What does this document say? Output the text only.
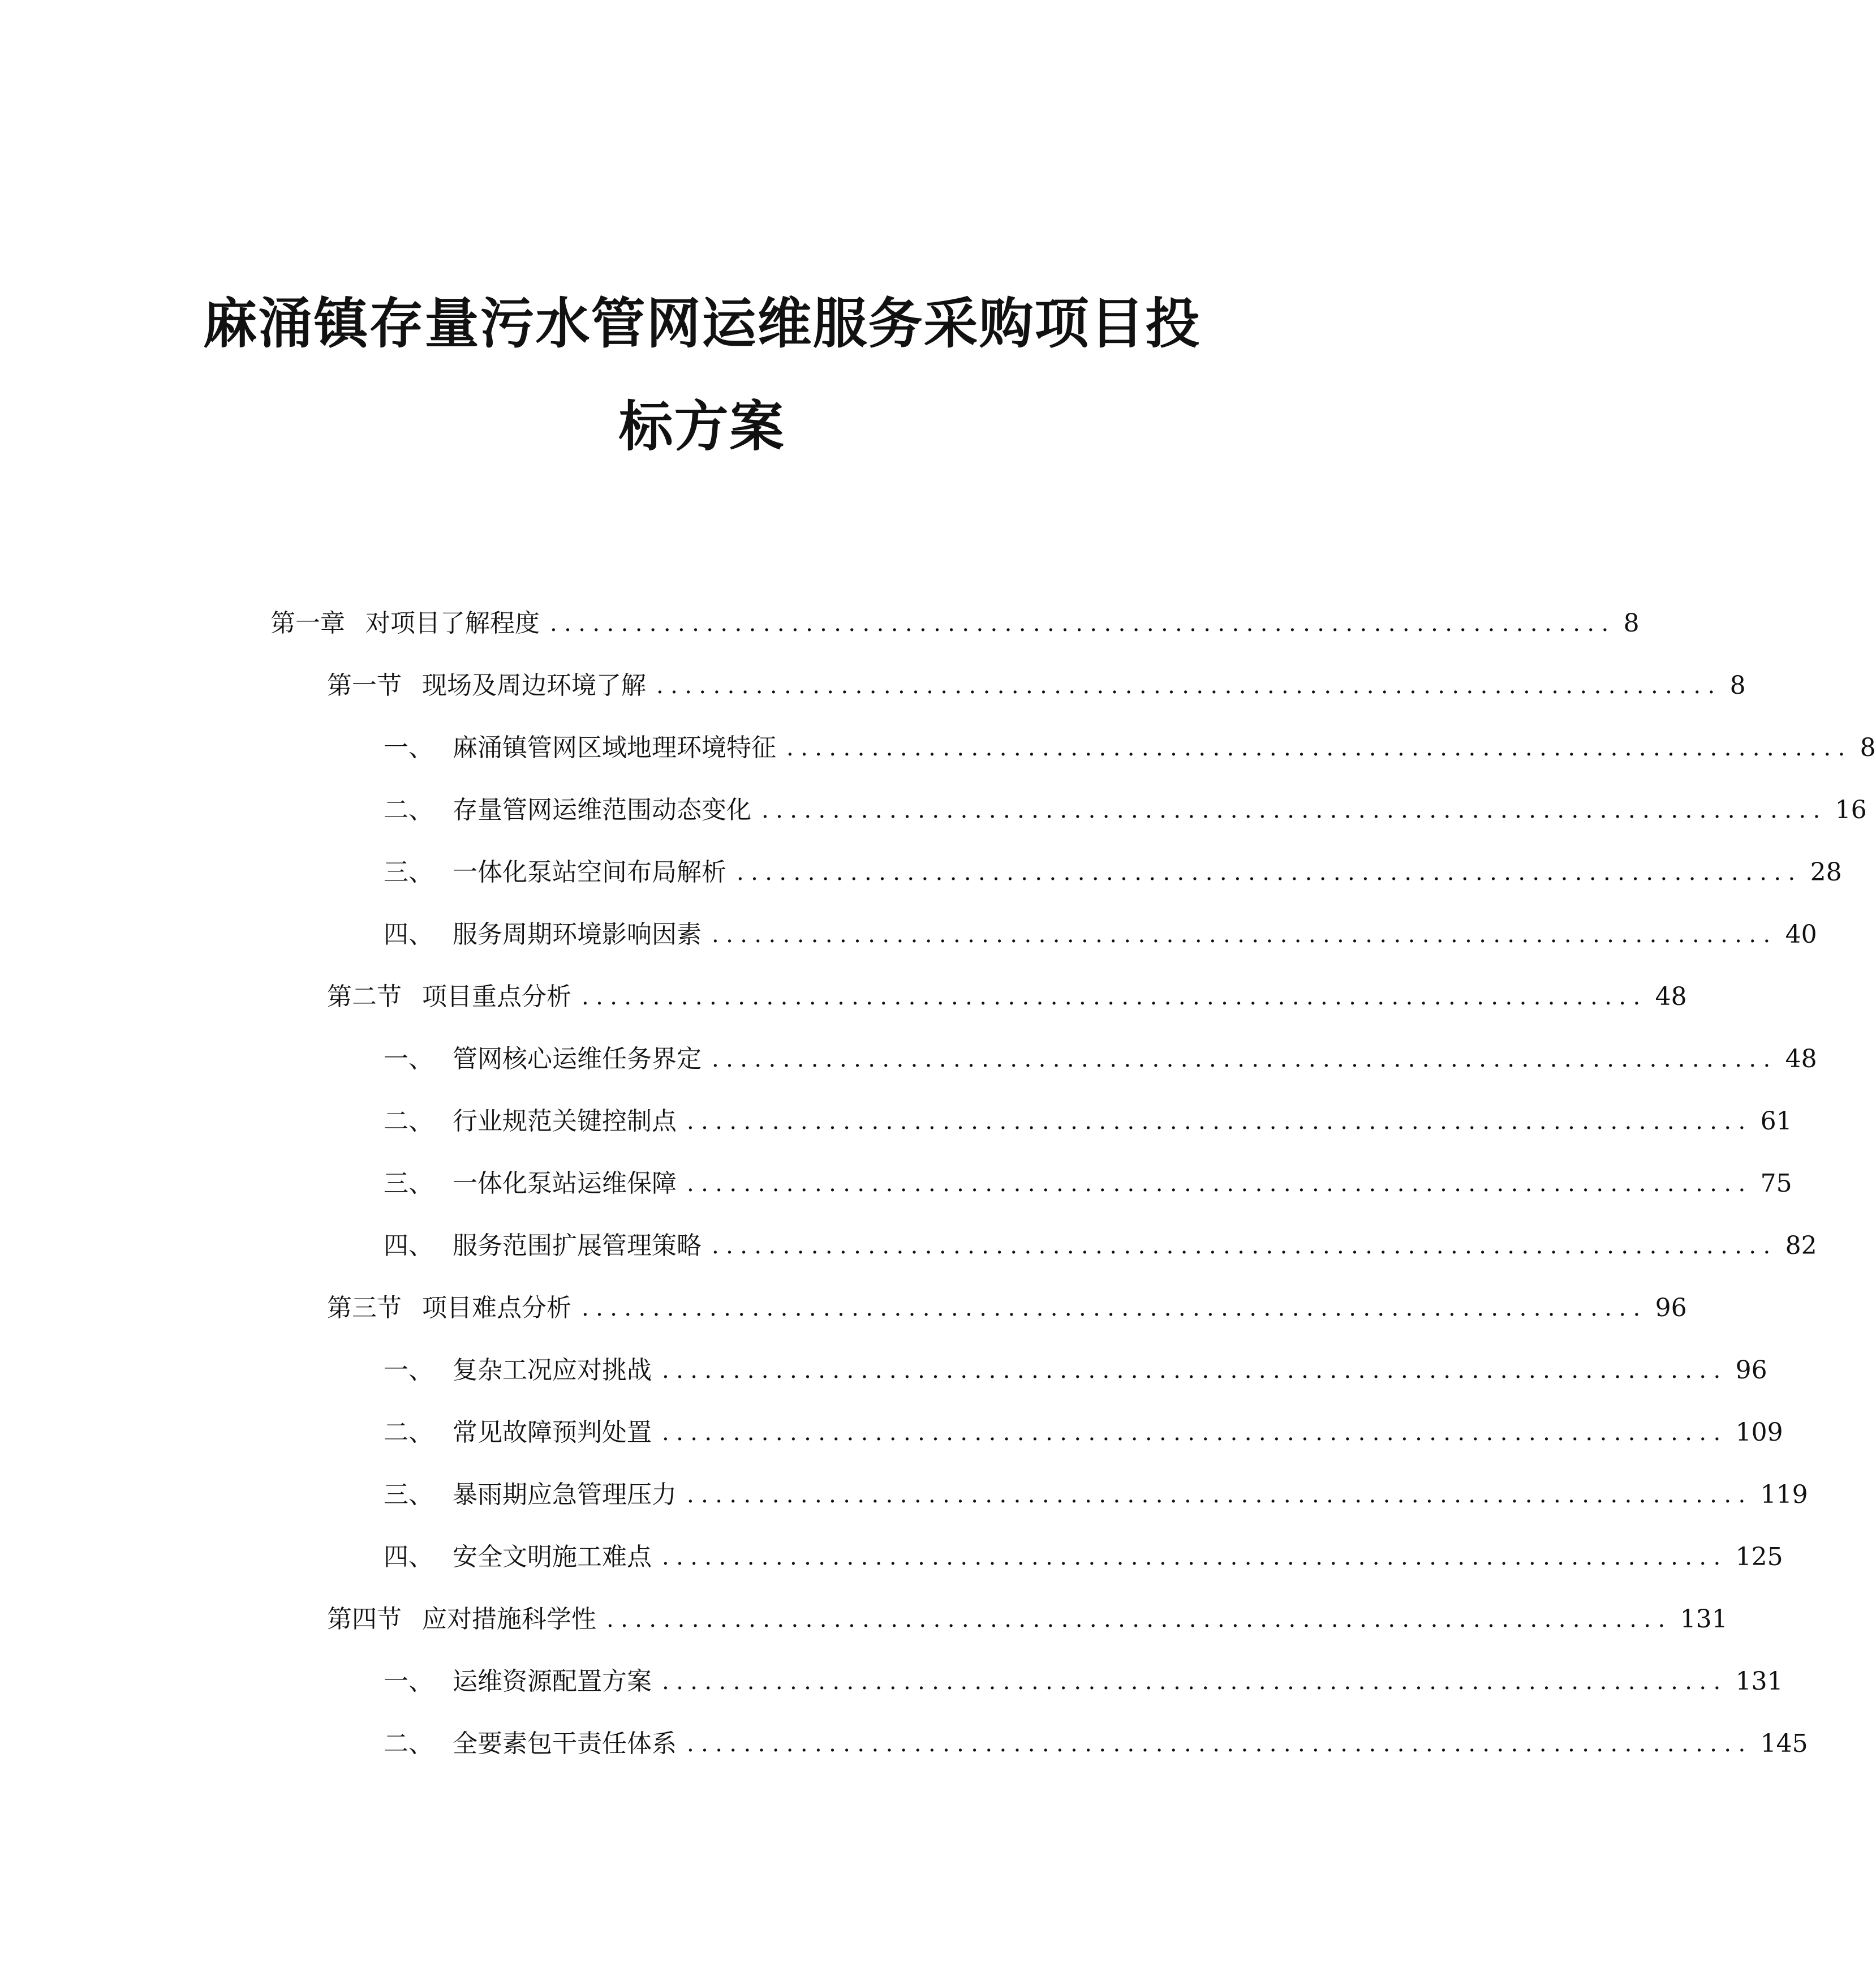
麻涌镇存量污水管网运维服务采购项目投
标方案
第一章 对项目了解程度 ........................................................................... 8
第一节 现场及周边环境了解 ........................................................................... 8
一、 麻涌镇管网区域地理环境特征 ........................................................................... 8
二、 存量管网运维范围动态变化 ........................................................................... 16
三、 一体化泵站空间布局解析 ........................................................................... 28
四、 服务周期环境影响因素 ........................................................................... 40
第二节 项目重点分析 ........................................................................... 48
一、 管网核心运维任务界定 ........................................................................... 48
二、 行业规范关键控制点 ........................................................................... 61
三、 一体化泵站运维保障 ........................................................................... 75
四、 服务范围扩展管理策略 ........................................................................... 82
第三节 项目难点分析 ........................................................................... 96
一、 复杂工况应对挑战 ........................................................................... 96
二、 常见故障预判处置 ........................................................................... 109
三、 暴雨期应急管理压力 ........................................................................... 119
四、 安全文明施工难点 ........................................................................... 125
第四节 应对措施科学性 ........................................................................... 131
一、 运维资源配置方案 ........................................................................... 131
二、 全要素包干责任体系 ........................................................................... 145
